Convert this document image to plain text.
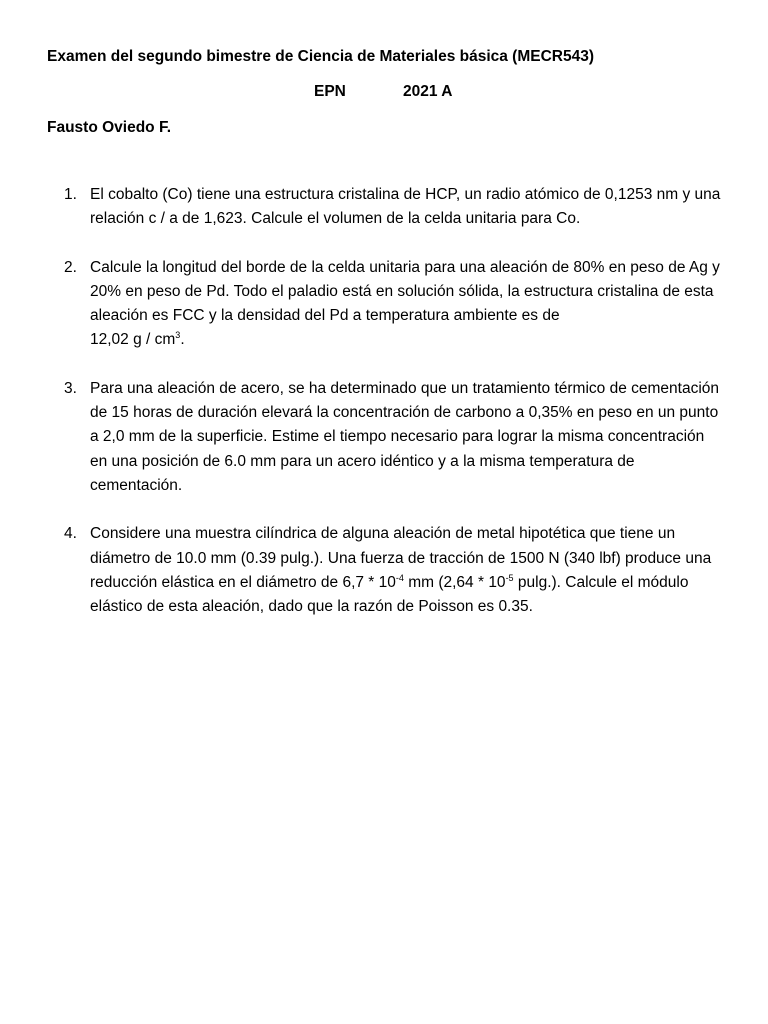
Examen del segundo bimestre de Ciencia de Materiales básica (MECR543)
EPN	2021 A
Fausto Oviedo F.
1. El cobalto (Co) tiene una estructura cristalina de HCP, un radio atómico de 0,1253 nm y una relación c / a de 1,623. Calcule el volumen de la celda unitaria para Co.
2. Calcule la longitud del borde de la celda unitaria para una aleación de 80% en peso de Ag y 20% en peso de Pd. Todo el paladio está en solución sólida, la estructura cristalina de esta aleación es FCC y la densidad del Pd a temperatura ambiente es de
12,02 g / $cm^3$.
3. Para una aleación de acero, se ha determinado que un tratamiento térmico de cementación de 15 horas de duración elevará la concentración de carbono a 0,35% en peso en un punto a 2,0 mm de la superficie. Estime el tiempo necesario para lograr la misma concentración en una posición de 6.0 mm para un acero idéntico y a la misma temperatura de cementación.
4. Considere una muestra cilíndrica de alguna aleación de metal hipotética que tiene un diámetro de 10.0 mm (0.39 pulg.). Una fuerza de tracción de 1500 N (340 lbf) produce una reducción elástica en el diámetro de $6,7 * 10^{-4}$ mm ($2,64 * 10^{-5}$ pulg.). Calcule el módulo elástico de esta aleación, dado que la razón de Poisson es 0.35.
